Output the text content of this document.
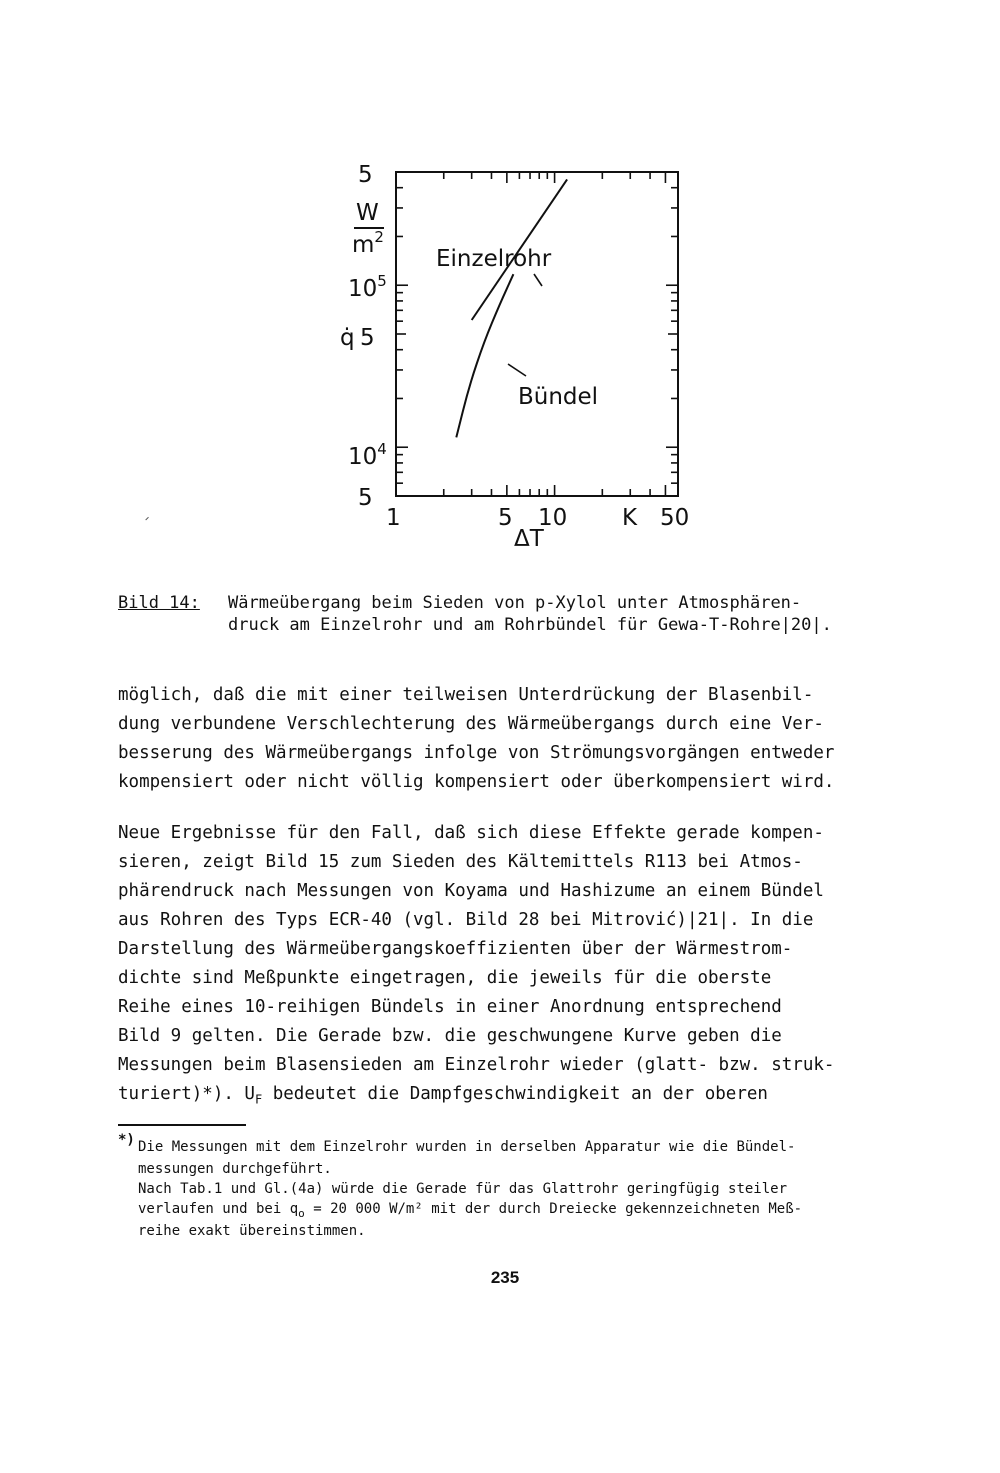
5
W
$m^2$
$10^5$
q̇ 5
$10^4$
5
1	5 10 K 50
ΔT
Einzelrohr
Bündel
Bild 14: Wärmeübergang beim Sieden von p-Xylol unter Atmosphären-
druck am Einzelrohr und am Rohrbündel für Gewa-T-Rohre|20|.
möglich, daß die mit einer teilweisen Unterdrückung der Blasenbil-
dung verbundene Verschlechterung des Wärmeübergangs durch eine Ver-
besserung des Wärmeübergangs infolge von Strömungsvorgängen entweder
kompensiert oder nicht völlig kompensiert oder überkompensiert wird.
Neue Ergebnisse für den Fall, daß sich diese Effekte gerade kompen-
sieren, zeigt Bild 15 zum Sieden des Kältemittels R113 bei Atmos-
phärendruck nach Messungen von Koyama und Hashizume an einem Bündel
aus Rohren des Typs ECR-40 (vgl. Bild 28 bei Mitrović)|21|. In die
Darstellung des Wärmeübergangskoeffizienten über der Wärmestrom-
dichte sind Meßpunkte eingetragen, die jeweils für die oberste
Reihe eines 10-reihigen Bündels in einer Anordnung entsprechend
Bild 9 gelten. Die Gerade bzw. die geschwungene Kurve geben die
Messungen beim Blasensieden am Einzelrohr wieder (glatt- bzw. struk-
turiert)*). $U_F$ bedeutet die Dampfgeschwindigkeit an der oberen
*) Die Messungen mit dem Einzelrohr wurden in derselben Apparatur wie die Bündel-
messungen durchgeführt.
Nach Tab.1 und Gl.(4a) würde die Gerade für das Glattrohr geringfügig steiler
verlaufen und bei $q_o = 20$ 000 W/m² mit der durch Dreiecke gekennzeichneten Meß-
reihe exakt übereinstimmen.
235
